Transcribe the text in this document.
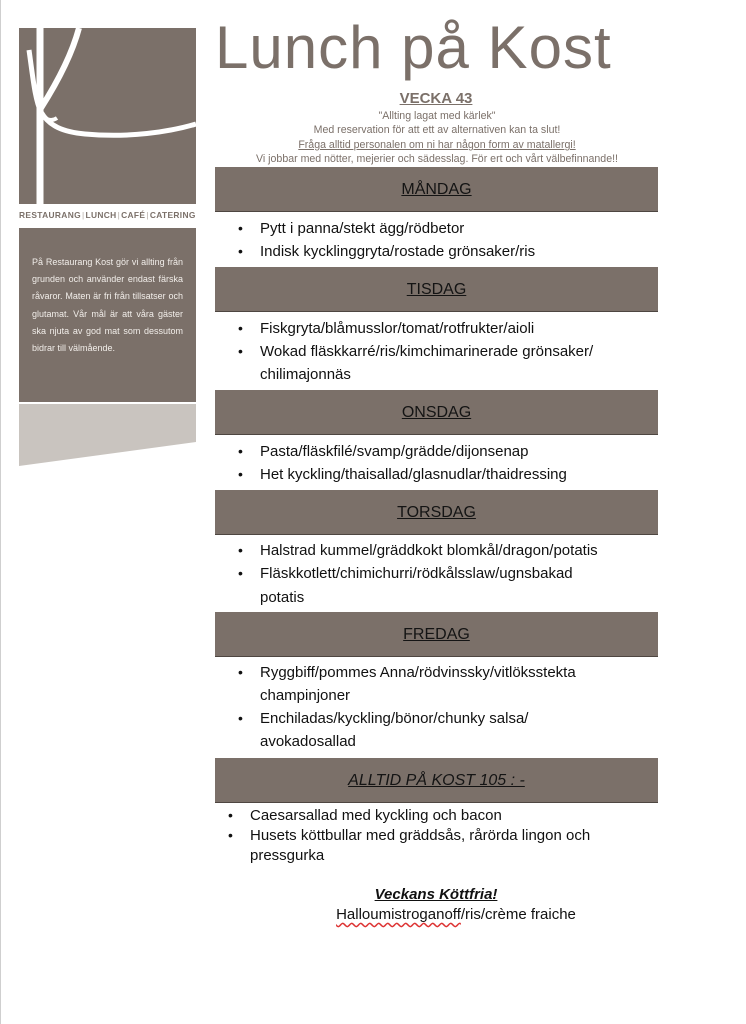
RESTAURANG|LUNCH|CAFÉ|CATERING
På Restaurang Kost gör vi allting från grunden och använder endast färska råvaror. Maten är fri från tillsatser och glutamat. Vår mål är att våra gäster ska njuta av god mat som dessutom bidrar till välmående.
Lunch på Kost
VECKA 43
"Allting lagat med kärlek"
Med reservation för att ett av alternativen kan ta slut!
Fråga alltid personalen om ni har någon form av matallergi!
Vi jobbar med nötter, mejerier och sädesslag. För ert och vårt välbefinnande!!
MÅNDAG
• Pytt i panna/stekt ägg/rödbetor
• Indisk kycklinggryta/rostade grönsaker/ris
TISDAG
• Fiskgryta/blåmusslor/tomat/rotfrukter/aioli
• Wokad fläskkarré/ris/kimchimarinerade grönsaker/
chilimajonnäs
ONSDAG
• Pasta/fläskfilé/svamp/grädde/dijonsenap
• Het kyckling/thaisallad/glasnudlar/thaidressing
TORSDAG
• Halstrad kummel/gräddkokt blomkål/dragon/potatis
• Fläskkotlett/chimichurri/rödkålsslaw/ugnsbakad
potatis
FREDAG
• Ryggbiff/pommes Anna/rödvinssky/vitlöksstekta
champinjoner
• Enchiladas/kyckling/bönor/chunky salsa/
avokadosallad
ALLTID PÅ KOST 105 : -
• Caesarsallad med kyckling och bacon
• Husets köttbullar med gräddsås, rårörda lingon och
pressgurka
Veckans Köttfria!
Halloumistroganoff/ris/crème fraiche
